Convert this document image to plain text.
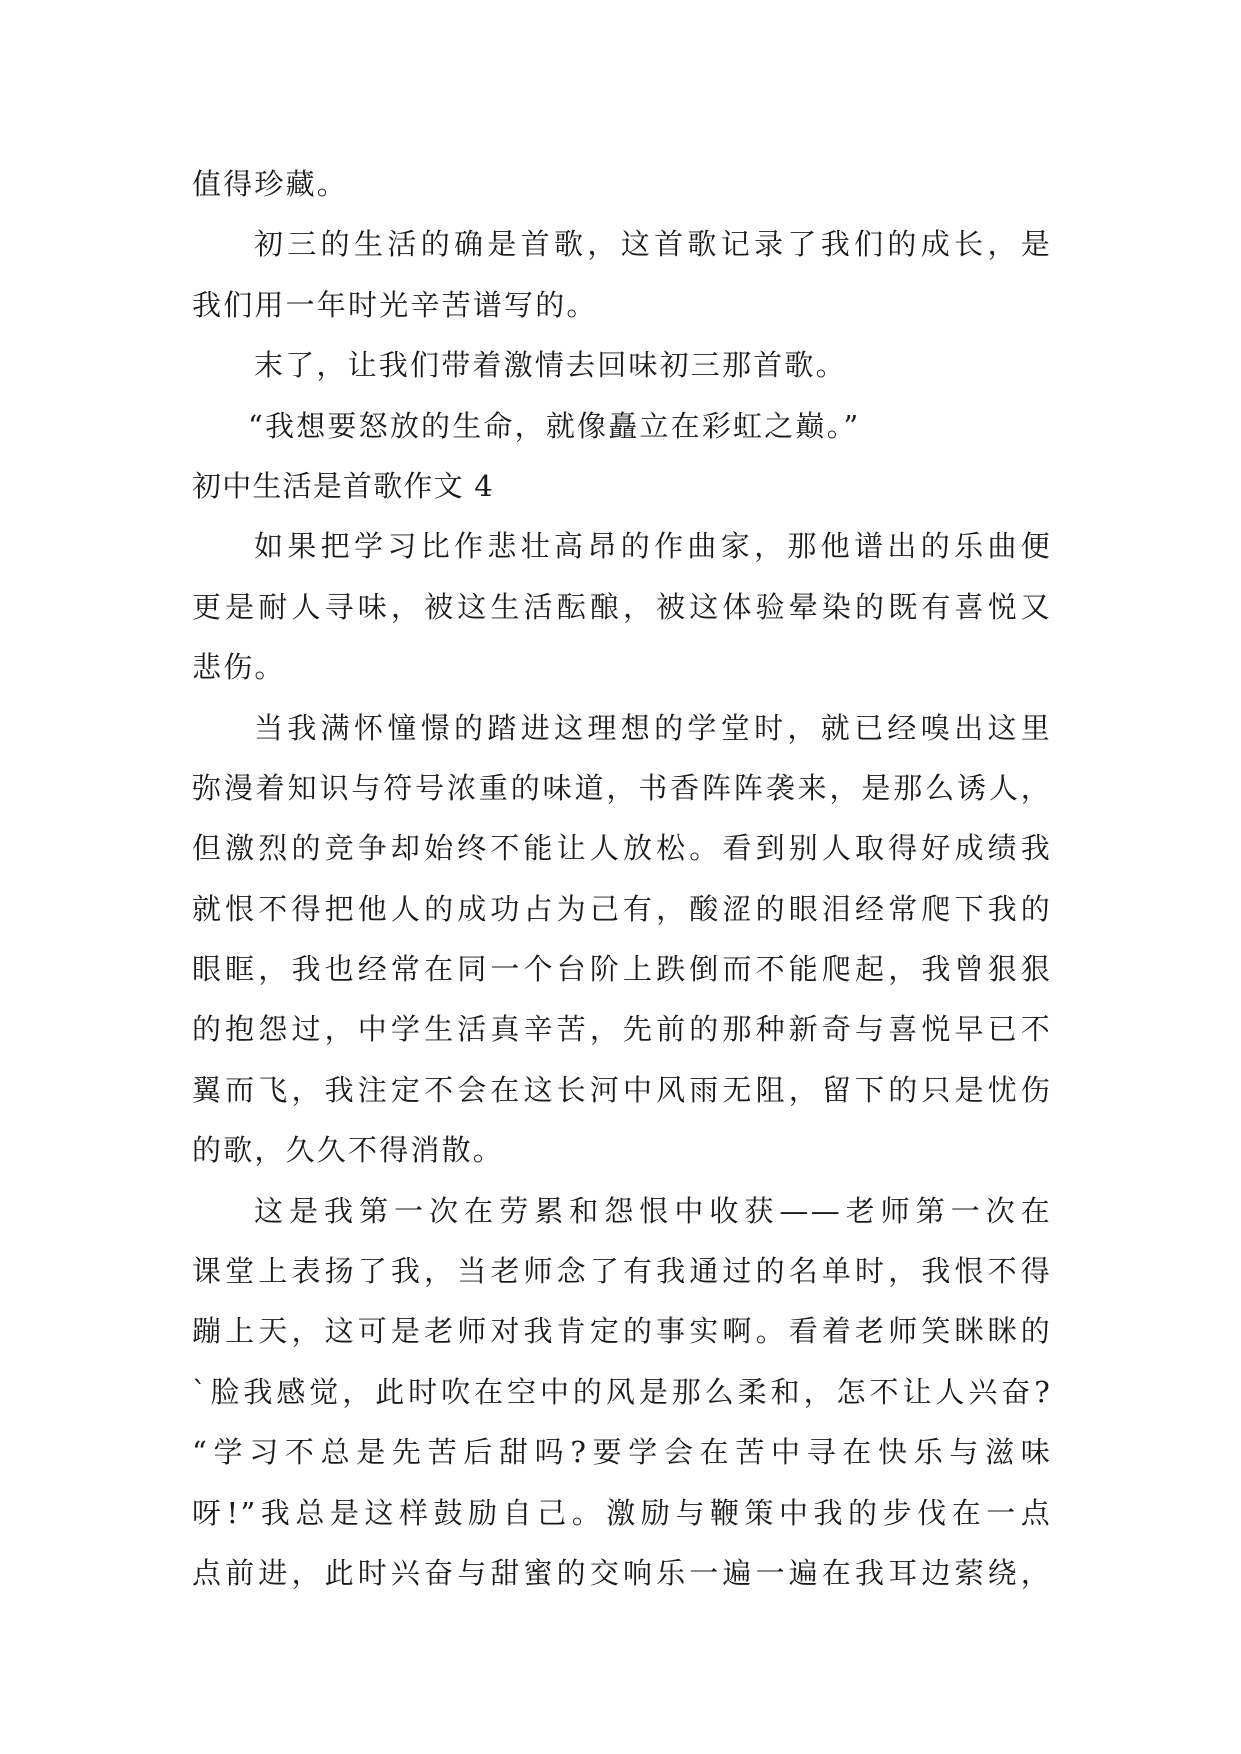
值得珍藏。
初三的生活的确是首歌，这首歌记录了我们的成长，是
我们用一年时光辛苦谱写的。
末了，让我们带着激情去回味初三那首歌。
“我想要怒放的生命，就像矗立在彩虹之巅。”
初中生活是首歌作文 4
如果把学习比作悲壮高昂的作曲家，那他谱出的乐曲便
更是耐人寻味，被这生活酝酿，被这体验晕染的既有喜悦又
悲伤。
当我满怀憧憬的踏进这理想的学堂时，就已经嗅出这里
弥漫着知识与符号浓重的味道，书香阵阵袭来，是那么诱人，
但激烈的竞争却始终不能让人放松。看到别人取得好成绩我
就恨不得把他人的成功占为己有，酸涩的眼泪经常爬下我的
眼眶，我也经常在同一个台阶上跌倒而不能爬起，我曾狠狠
的抱怨过，中学生活真辛苦，先前的那种新奇与喜悦早已不
翼而飞，我注定不会在这长河中风雨无阻，留下的只是忧伤
的歌，久久不得消散。
这是我第一次在劳累和怨恨中收获——老师第一次在
课堂上表扬了我，当老师念了有我通过的名单时，我恨不得
蹦上天，这可是老师对我肯定的事实啊。看着老师笑眯眯的
`脸我感觉，此时吹在空中的风是那么柔和，怎不让人兴奋?
“学习不总是先苦后甜吗?要学会在苦中寻在快乐与滋味
呀!”我总是这样鼓励自己。激励与鞭策中我的步伐在一点
点前进，此时兴奋与甜蜜的交响乐一遍一遍在我耳边萦绕，
